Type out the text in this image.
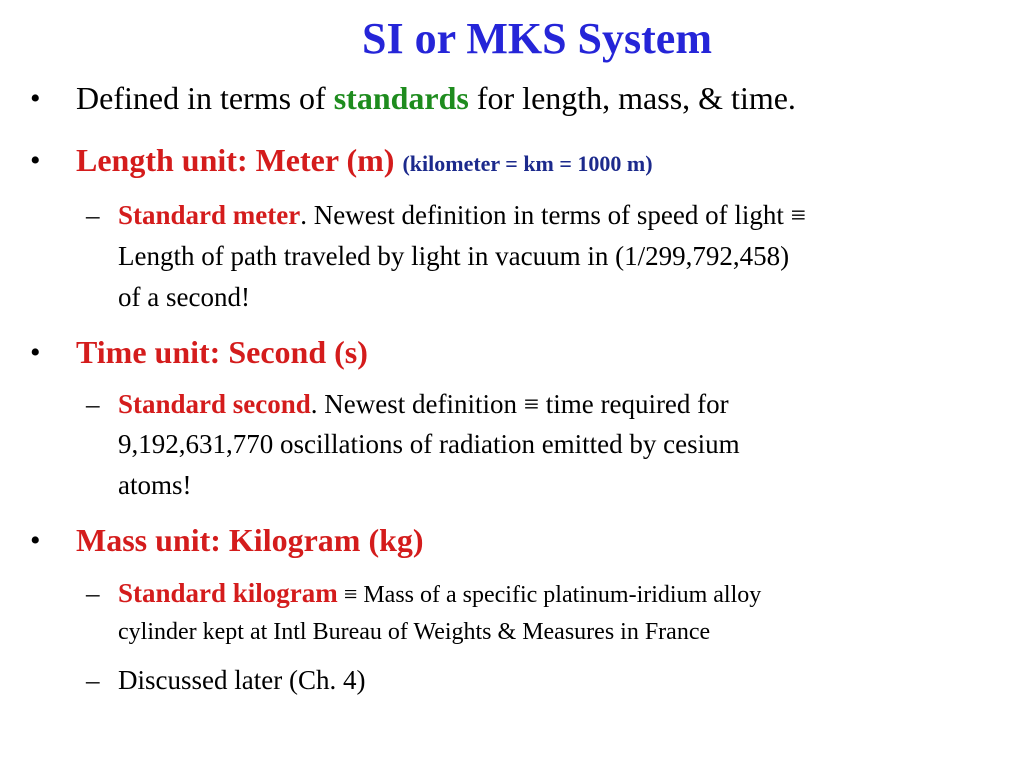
SI or MKS System
• Defined in terms of standards for length, mass, & time.
• Length unit: Meter (m) (kilometer = km = 1000 m)
– Standard meter. Newest definition in terms of speed of light ≡
Length of path traveled by light in vacuum in (1/299,792,458)
of a second!
• Time unit: Second (s)
– Standard second. Newest definition ≡ time required for
9,192,631,770 oscillations of radiation emitted by cesium
atoms!
• Mass unit: Kilogram (kg)
– Standard kilogram ≡ Mass of a specific platinum-iridium alloy
cylinder kept at Intl Bureau of Weights & Measures in France
– Discussed later (Ch. 4)
